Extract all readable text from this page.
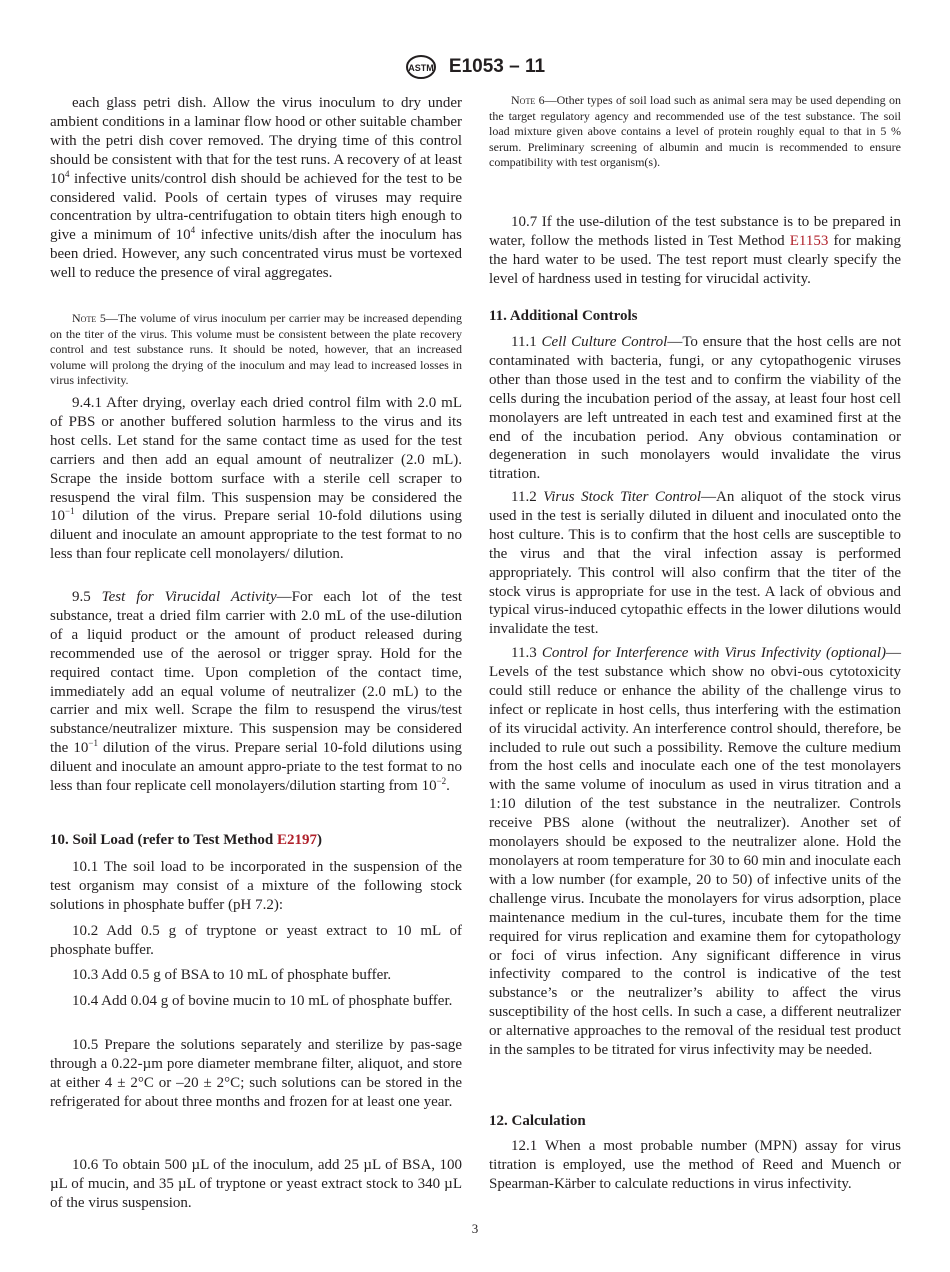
ASTM E1053 – 11
each glass petri dish. Allow the virus inoculum to dry under ambient conditions in a laminar flow hood or other suitable chamber with the petri dish cover removed. The drying time of this control should be consistent with that for the test runs. A recovery of at least $10^4$ infective units/control dish should be achieved for the test to be considered valid. Pools of certain types of viruses may require concentration by ultra-centrifugation to obtain titers high enough to give a minimum of $10^4$ infective units/dish after the inoculum has been dried. However, any such concentrated virus must be vortexed well to reduce the presence of viral aggregates.
Note 5—The volume of virus inoculum per carrier may be increased depending on the titer of the virus. This volume must be consistent between the plate recovery control and test substance runs. It should be noted, however, that an increased volume will prolong the drying of the inoculum and may lead to increased losses in virus infectivity.
9.4.1 After drying, overlay each dried control film with 2.0 mL of PBS or another buffered solution harmless to the virus and its host cells. Let stand for the same contact time as used for the test carriers and then add an equal amount of neutralizer (2.0 mL). Scrape the inside bottom surface with a sterile cell scraper to resuspend the viral film. This suspension may be considered the $10^{-1}$ dilution of the virus. Prepare serial 10-fold dilutions using diluent and inoculate an amount appropriate to the test format to no less than four replicate cell monolayers/ dilution.
9.5 Test for Virucidal Activity—For each lot of the test substance, treat a dried film carrier with 2.0 mL of the use-dilution of a liquid product or the amount of product released during recommended use of the aerosol or trigger spray. Hold for the required contact time. Upon completion of the contact time, immediately add an equal volume of neutralizer (2.0 mL) to the carrier and mix well. Scrape the film to resuspend the virus/test substance/neutralizer mixture. This suspension may be considered the $10^{-1}$ dilution of the virus. Prepare serial 10-fold dilutions using diluent and inoculate an amount appro-priate to the test format to no less than four replicate cell monolayers/dilution starting from $10^{-2}$.
10. Soil Load (refer to Test Method E2197)
10.1 The soil load to be incorporated in the suspension of the test organism may consist of a mixture of the following stock solutions in phosphate buffer (pH 7.2):
10.2 Add 0.5 g of tryptone or yeast extract to 10 mL of phosphate buffer.
10.3 Add 0.5 g of BSA to 10 mL of phosphate buffer.
10.4 Add 0.04 g of bovine mucin to 10 mL of phosphate buffer.
10.5 Prepare the solutions separately and sterilize by pas-sage through a 0.22-µm pore diameter membrane filter, aliquot, and store at either 4 ± 2°C or –20 ± 2°C; such solutions can be stored in the refrigerated for about three months and frozen for at least one year.
10.6 To obtain 500 µL of the inoculum, add 25 µL of BSA, 100 µL of mucin, and 35 µL of tryptone or yeast extract stock to 340 µL of the virus suspension.
Note 6—Other types of soil load such as animal sera may be used depending on the target regulatory agency and recommended use of the test substance. The soil load mixture given above contains a level of protein roughly equal to that in 5 % serum. Preliminary screening of albumin and mucin is recommended to ensure compatibility with test organism(s).
10.7 If the use-dilution of the test substance is to be prepared in water, follow the methods listed in Test Method E1153 for making the hard water to be used. The test report must clearly specify the level of hardness used in testing for virucidal activity.
11. Additional Controls
11.1 Cell Culture Control—To ensure that the host cells are not contaminated with bacteria, fungi, or any cytopathogenic viruses other than those used in the test and to confirm the viability of the cells during the incubation period of the assay, at least four host cell monolayers are left untreated in each test and examined first at the end of the incubation period. Any obvious contamination or degeneration in such monolayers would invalidate the virus titration.
11.2 Virus Stock Titer Control—An aliquot of the stock virus used in the test is serially diluted in diluent and inoculated onto the host culture. This is to confirm that the host cells are susceptible to the virus and that the viral infection assay is performed appropriately. This control will also confirm that the titer of the stock virus is appropriate for use in the test. A lack of obvious and typical virus-induced cytopathic effects in the lower dilutions would invalidate the test.
11.3 Control for Interference with Virus Infectivity (optional)—Levels of the test substance which show no obvi-ous cytotoxicity could still reduce or enhance the ability of the challenge virus to infect or replicate in host cells, thus interfering with the estimation of its virucidal activity. An interference control should, therefore, be included to rule out such a possibility. Remove the culture medium from the host cells and inoculate each one of the test monolayers with the same volume of inoculum as used in virus titration and a 1:10 dilution of the test substance in the neutralizer. Controls receive PBS alone (without the neutralizer). Another set of monolayers should be exposed to the neutralizer alone. Hold the monolayers at room temperature for 30 to 60 min and inoculate each with a low number (for example, 20 to 50) of infective units of the challenge virus. Incubate the monolayers for virus adsorption, place maintenance medium in the cul-tures, incubate them for the time required for virus replication and examine them for cytopathology or foci of virus infection. Any significant difference in virus infectivity compared to the control is indicative of the test substance’s or the neutralizer’s ability to affect the virus susceptibility of the host cells. In such a case, a different neutralizer or alternative approaches to the removal of the residual test product in the samples to be titrated for virus infectivity may be needed.
12. Calculation
12.1 When a most probable number (MPN) assay for virus titration is employed, use the method of Reed and Muench or Spearman-Kärber to calculate reductions in virus infectivity.
3
